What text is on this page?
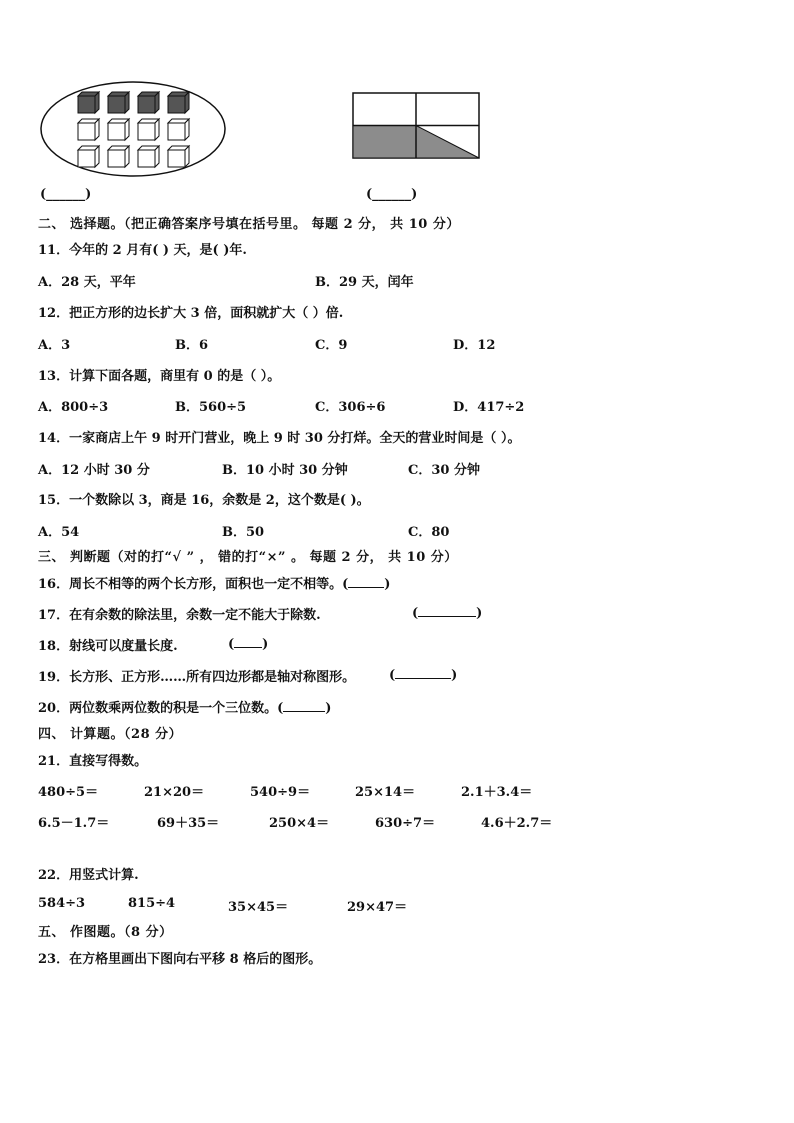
(______)	(______)
二、 选择题。（把正确答案序号填在括号里。 每题 2 分， 共 10 分）
11．今年的 2 月有( ) 天，是( )年.
A．28 天，平年	B．29 天，闰年
12．把正方形的边长扩大 3 倍，面积就扩大（ ）倍.
A．3	B．6	C．9	D．12
13．计算下面各题，商里有 0 的是（ ）。
A．800÷3	B．560÷5	C．306÷6	D．417÷2
14．一家商店上午 9 时开门营业，晚上 9 时 30 分打烊。全天的营业时间是（ ）。
A．12 小时 30 分	B．10 小时 30 分钟	C．30 分钟
15．一个数除以 3，商是 16，余数是 2，这个数是( )。
A．54	B．50	C．80
三、 判断题（对的打“√ ” ， 错的打“×” 。 每题 2 分， 共 10 分）
16．周长不相等的两个长方形，面积也一定不相等。(	)
17．在有余数的除法里，余数一定不能大于除数.	(	)
18．射线可以度量长度.	( )
19．长方形、正方形……所有四边形都是轴对称图形。	(	)
20．两位数乘两位数的积是一个三位数。(	)
四、 计算题。（28 分）
21．直接写得数。
480÷5＝	21×20＝	540÷9＝	25×14＝	2.1＋3.4＝
6.5－1.7＝	69＋35＝	250×4＝	630÷7＝	4.6＋2.7＝
22．用竖式计算.
584÷3	815÷4	35×45＝	29×47＝
五、 作图题。（8 分）
23．在方格里画出下图向右平移 8 格后的图形。
